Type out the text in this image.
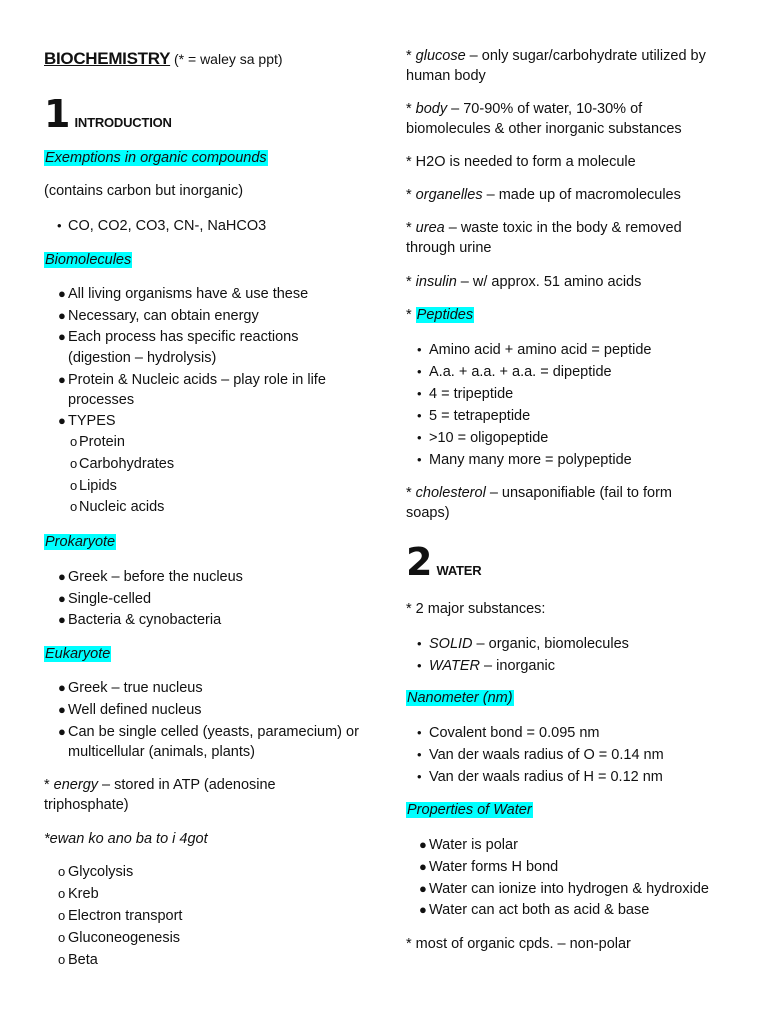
BIOCHEMISTRY (* = waley sa ppt)
1 INTRODUCTION
Exemptions in organic compounds
(contains carbon but inorganic)
• CO, CO2, CO3, CN-, NaHCO3
Biomolecules
● All living organisms have & use these
● Necessary, can obtain energy
● Each process has specific reactions
(digestion – hydrolysis)
● Protein & Nucleic acids – play role in life
processes
● TYPES
o Protein
o Carbohydrates
o Lipids
o Nucleic acids
Prokaryote
● Greek – before the nucleus
● Single-celled
● Bacteria & cynobacteria
Eukaryote
● Greek – true nucleus
● Well defined nucleus
● Can be single celled (yeasts, paramecium) or
multicellular (animals, plants)
* energy – stored in ATP (adenosine
triphosphate)
*ewan ko ano ba to i 4got
o Glycolysis
o Kreb
o Electron transport
o Gluconeogenesis
o Beta
* glucose – only sugar/carbohydrate utilized by
human body
* body – 70-90% of water, 10-30% of
biomolecules & other inorganic substances
* H2O is needed to form a molecule
* organelles – made up of macromolecules
* urea – waste toxic in the body & removed
through urine
* insulin – w/ approx. 51 amino acids
* Peptides
• Amino acid + amino acid = peptide
• A.a. + a.a. + a.a. = dipeptide
• 4 = tripeptide
• 5 = tetrapeptide
• >10 = oligopeptide
• Many many more = polypeptide
* cholesterol – unsaponifiable (fail to form
soaps)
2 WATER
* 2 major substances:
• SOLID – organic, biomolecules
• WATER – inorganic
Nanometer (nm)
• Covalent bond = 0.095 nm
• Van der waals radius of O = 0.14 nm
• Van der waals radius of H = 0.12 nm
Properties of Water
● Water is polar
● Water forms H bond
● Water can ionize into hydrogen & hydroxide
● Water can act both as acid & base
* most of organic cpds. – non-polar
